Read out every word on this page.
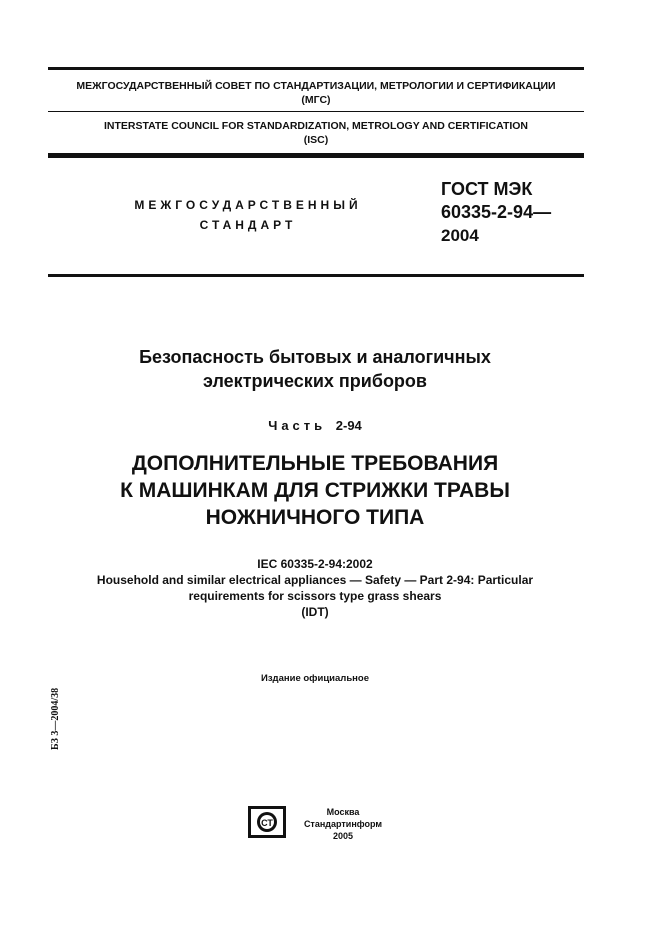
МЕЖГОСУДАРСТВЕННЫЙ СОВЕТ ПО СТАНДАРТИЗАЦИИ, МЕТРОЛОГИИ И СЕРТИФИКАЦИИ
(МГС)
INTERSTATE COUNCIL FOR STANDARDIZATION, METROLOGY AND CERTIFICATION
(ISC)
МЕЖГОСУДАРСТВЕННЫЙ
СТАНДАРТ
ГОСТ МЭК
60335-2-94—
2004
Безопасность бытовых и аналогичных
электрических приборов
Часть 2-94
ДОПОЛНИТЕЛЬНЫЕ ТРЕБОВАНИЯ
К МАШИНКАМ ДЛЯ СТРИЖКИ ТРАВЫ
НОЖНИЧНОГО ТИПА
IEC 60335-2-94:2002
Household and similar electrical appliances — Safety — Part 2-94: Particular
requirements for scissors type grass shears
(IDT)
Издание официальное
БЗ 3—2004/38
СТ
Москва
Стандартинформ
2005
